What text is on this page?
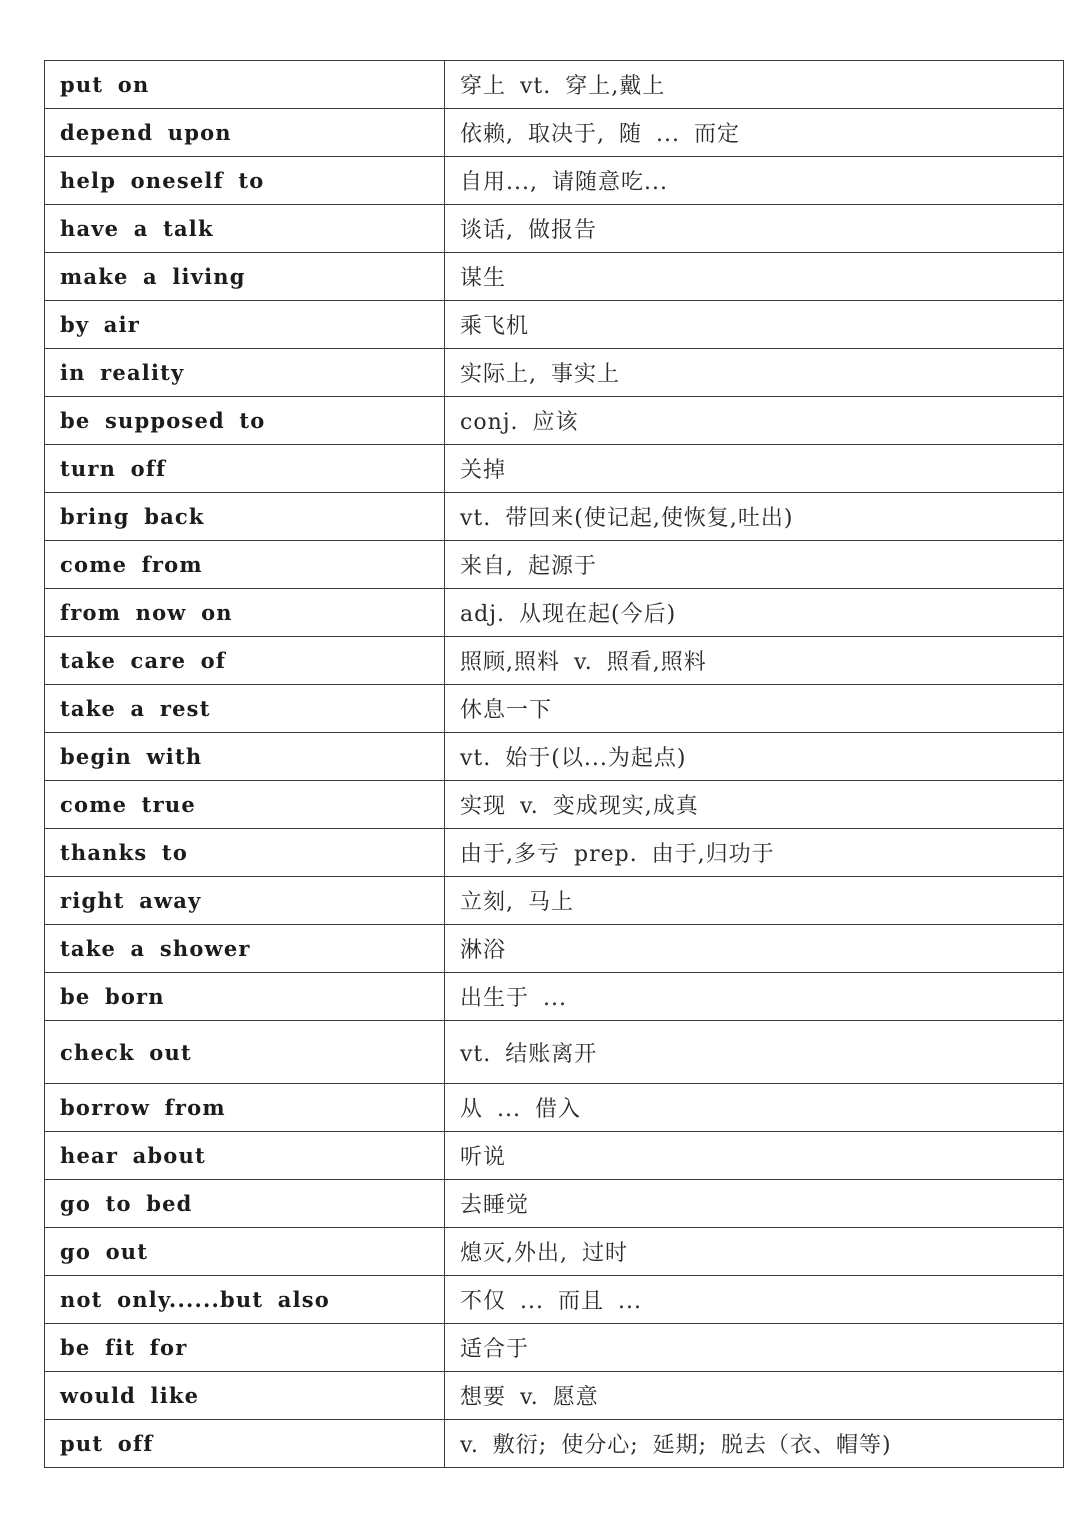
put on	穿上 vt. 穿上,戴上
depend upon	依赖, 取决于, 随 ... 而定
help oneself to	自用..., 请随意吃...
have a talk	谈话, 做报告
make a living	谋生
by air	乘飞机
in reality	实际上, 事实上
be supposed to	conj. 应该
turn off	关掉
bring back	vt. 带回来(使记起,使恢复,吐出)
come from	来自, 起源于
from now on	adj. 从现在起(今后)
take care of	照顾,照料 v. 照看,照料
take a rest	休息一下
begin with	vt. 始于(以...为起点)
come true	实现 v. 变成现实,成真
thanks to	由于,多亏 prep. 由于,归功于
right away	立刻, 马上
take a shower	淋浴
be born	出生于 ...
check out	vt. 结账离开
borrow from	从 ... 借入
hear about	听说
go to bed	去睡觉
go out	熄灭,外出, 过时
not only......but also	不仅 ... 而且 ...
be fit for	适合于
would like	想要 v. 愿意
put off	v. 敷衍; 使分心; 延期; 脱去（衣、帽等)
